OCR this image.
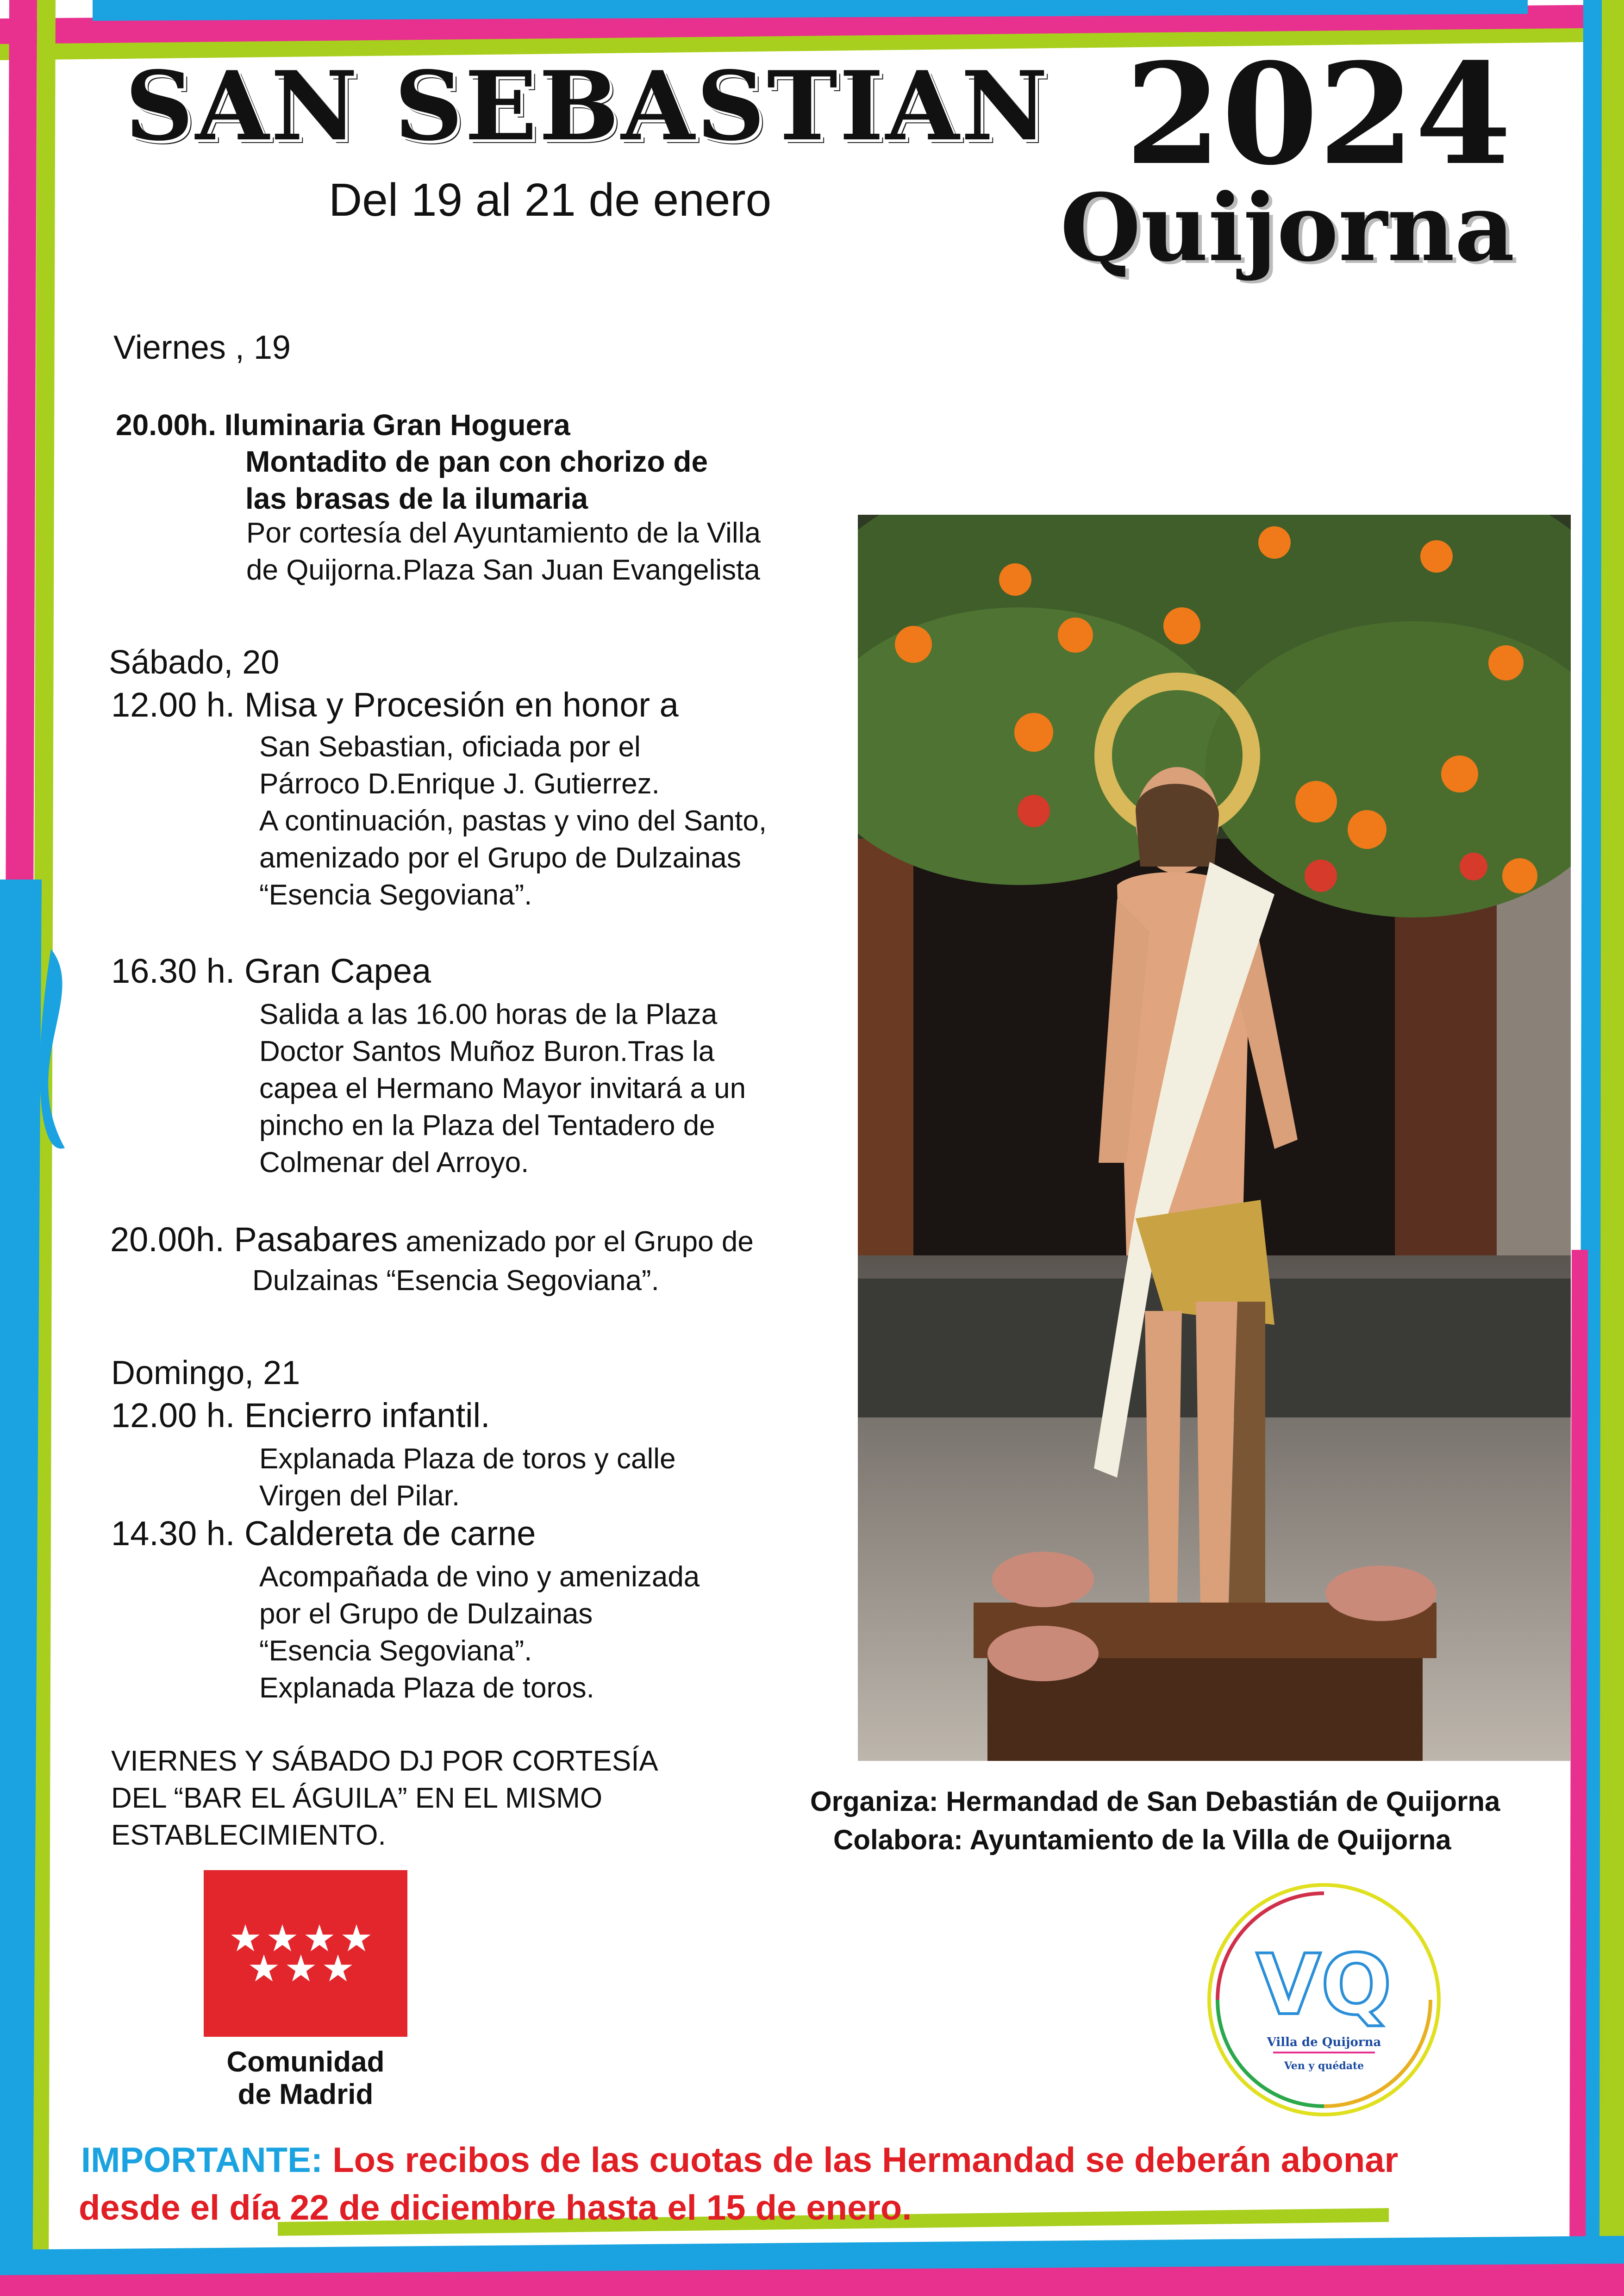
SAN SEBASTIAN 2024
Quijorna
Del 19 al 21 de enero
Viernes , 19
20.00h. Iluminaria Gran Hoguera
Montadito de pan con chorizo de
las brasas de la ilumaria
Por cortesía del Ayuntamiento de la Villa
de Quijorna.Plaza San Juan Evangelista
Sábado, 20
12.00 h. Misa y Procesión en honor a
San Sebastian, oficiada por el
Párroco D.Enrique J. Gutierrez.
A continuación, pastas y vino del Santo,
amenizado por el Grupo de Dulzainas
“Esencia Segoviana”.
16.30 h. Gran Capea
Salida a las 16.00 horas de la Plaza
Doctor Santos Muñoz Buron.Tras la
capea el Hermano Mayor invitará a un
pincho en la Plaza del Tentadero de
Colmenar del Arroyo.
20.00h. Pasabares amenizado por el Grupo de
Dulzainas “Esencia Segoviana”.
Domingo, 21
12.00 h. Encierro infantil.
Explanada Plaza de toros y calle
Virgen del Pilar.
14.30 h. Caldereta de carne
Acompañada de vino y amenizada
por el Grupo de Dulzainas
“Esencia Segoviana”.
Explanada Plaza de toros.
VIERNES Y SÁBADO DJ POR CORTESÍA
DEL “BAR EL ÁGUILA” EN EL MISMO
ESTABLECIMIENTO.
Organiza: Hermandad de San Debastián de Quijorna
Colabora: Ayuntamiento de la Villa de Quijorna
★ ★ ★ ★
★ ★ ★
Comunidad
de Madrid
VQ
Villa de Quijorna
Ven y quédate
IMPORTANTE: Los recibos de las cuotas de las Hermandad se deberán abonar
desde el día 22 de diciembre hasta el 15 de enero.
